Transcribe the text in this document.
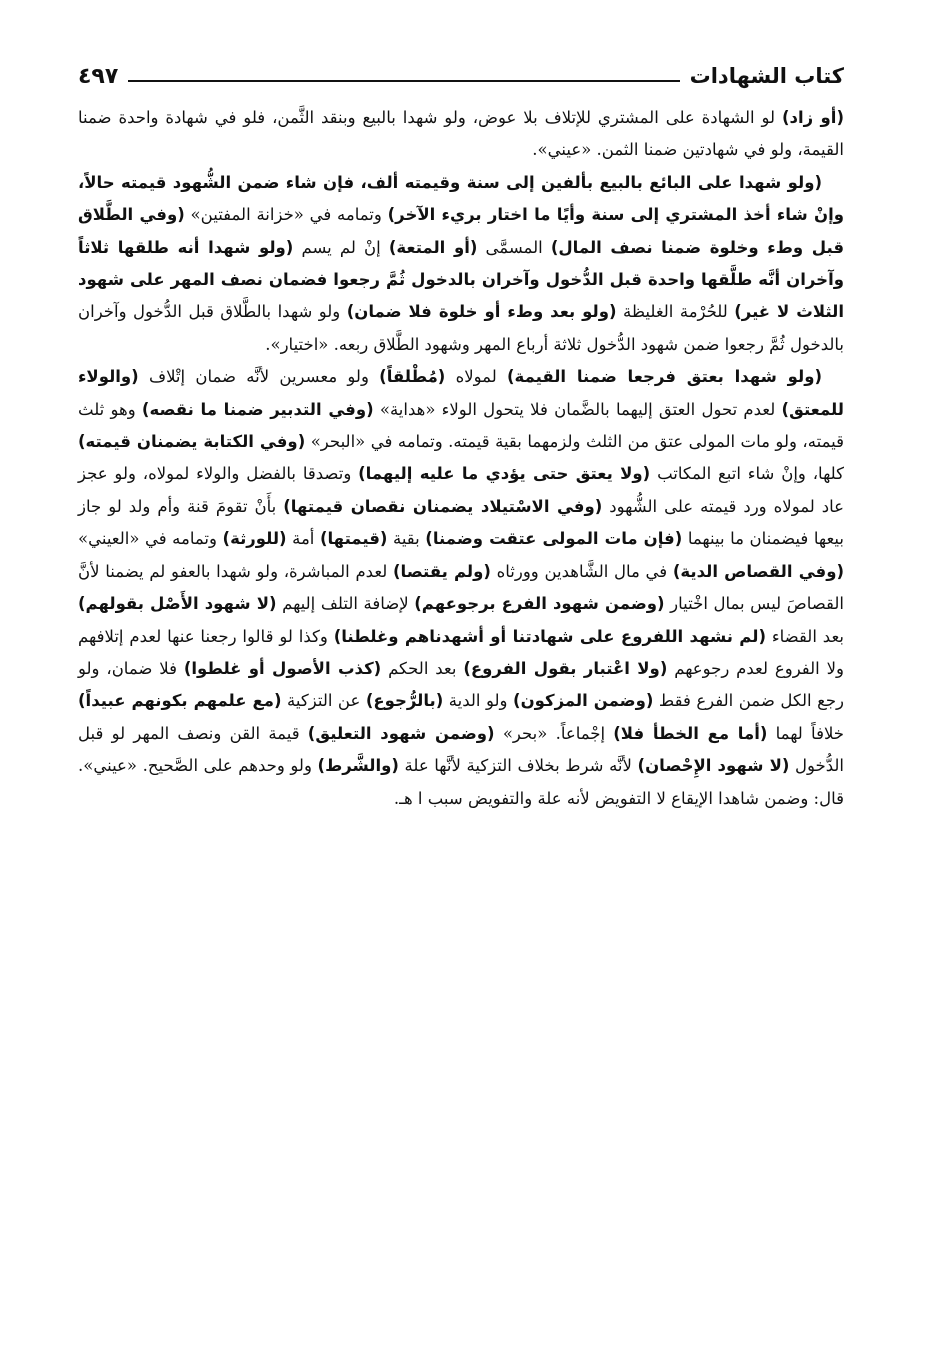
كتاب الشهادات
٤٩٧

(أو زاد) لو الشهادة على المشتري للإتلاف بلا عوض، ولو شهدا بالبيع وبنقد الثَّمن، فلو في شهادة واحدة ضمنا القيمة، ولو في شهادتين ضمنا الثمن. «عيني».

(ولو شهدا على البائع بالبيع بألفين إلى سنة وقيمته ألف، فإن شاء ضمن الشُّهود قيمته حالاً، وإنْ شاء أخذ المشتري إلى سنة وأيًا ما اختار بريء الآخر) وتمامه في «خزانة المفتين» (وفي الطَّلاق قبل وطء وخلوة ضمنا نصف المال) المسمَّى (أو المتعة) إنْ لم يسم (ولو شهدا أنه طلقها ثلاثاً وآخران أنَّه طلَّقها واحدة قبل الدُّخول وآخران بالدخول ثُمَّ رجعوا فضمان نصف المهر على شهود الثلاث لا غير) للحُرْمة الغليظة (ولو بعد وطء أو خلوة فلا ضمان) ولو شهدا بالطَّلاق قبل الدُّخول وآخران بالدخول ثُمَّ رجعوا ضمن شهود الدُّخول ثلاثة أرباع المهر وشهود الطَّلاق ربعه. «اختيار».

(ولو شهدا بعتق فرجعا ضمنا القيمة) لمولاه (مُطْلقاً) ولو معسرين لأنَّه ضمان إتْلاف (والولاء للمعتق) لعدم تحول العتق إليهما بالضَّمان فلا يتحول الولاء «هداية» (وفي التدبير ضمنا ما نقصه) وهو ثلث قيمته، ولو مات المولى عتق من الثلث ولزمهما بقية قيمته. وتمامه في «البحر» (وفي الكتابة يضمنان قيمته) كلها، وإنْ شاء اتبع المكاتب (ولا يعتق حتى يؤدي ما عليه إليهما) وتصدقا بالفضل والولاء لمولاه، ولو عجز عاد لمولاه ورد قيمته على الشُّهود (وفي الاسْتيلاد يضمنان نقصان قيمتها) بأَنْ تقومَ قنة وأم ولد لو جاز بيعها فيضمنان ما بينهما (فإن مات المولى عتقت وضمنا) بقية (قيمتها) أمة (للورثة) وتمامه في «العيني» (وفي القصاص الدية) في مال الشَّاهدين وورثاه (ولم يقتصا) لعدم المباشرة، ولو شهدا بالعفو لم يضمنا لأنَّ القصاصَ ليس بمال اخْتيار (وضمن شهود الفرع برجوعهم) لإضافة التلف إليهم (لا شهود الأَصْل بقولهم) بعد القضاء (لم نشهد اللفروع على شهادتنا أو أشهدناهم وغلطنا) وكذا لو قالوا رجعنا عنها لعدم إتلافهم ولا الفروع لعدم رجوعهم (ولا اعْتبار بقول الفروع) بعد الحكم (كذب الأصول أو غلطوا) فلا ضمان، ولو رجع الكل ضمن الفرع فقط (وضمن المزكون) ولو الدية (بالرُّجوع) عن التزكية (مع علمهم بكونهم عبيداً) خلافاً لهما (أما مع الخطأ فلا) إجْماعاً. «بحر» (وضمن شهود التعليق) قيمة القن ونصف المهر لو قبل الدُّخول (لا شهود الإِحْصان) لأنَّه شرط بخلاف التزكية لأنَّها علة (والشَّرط) ولو وحدهم على الصَّحيح. «عيني». قال: وضمن شاهدا الإيقاع لا التفويض لأنه علة والتفويض سبب ا هـ.
